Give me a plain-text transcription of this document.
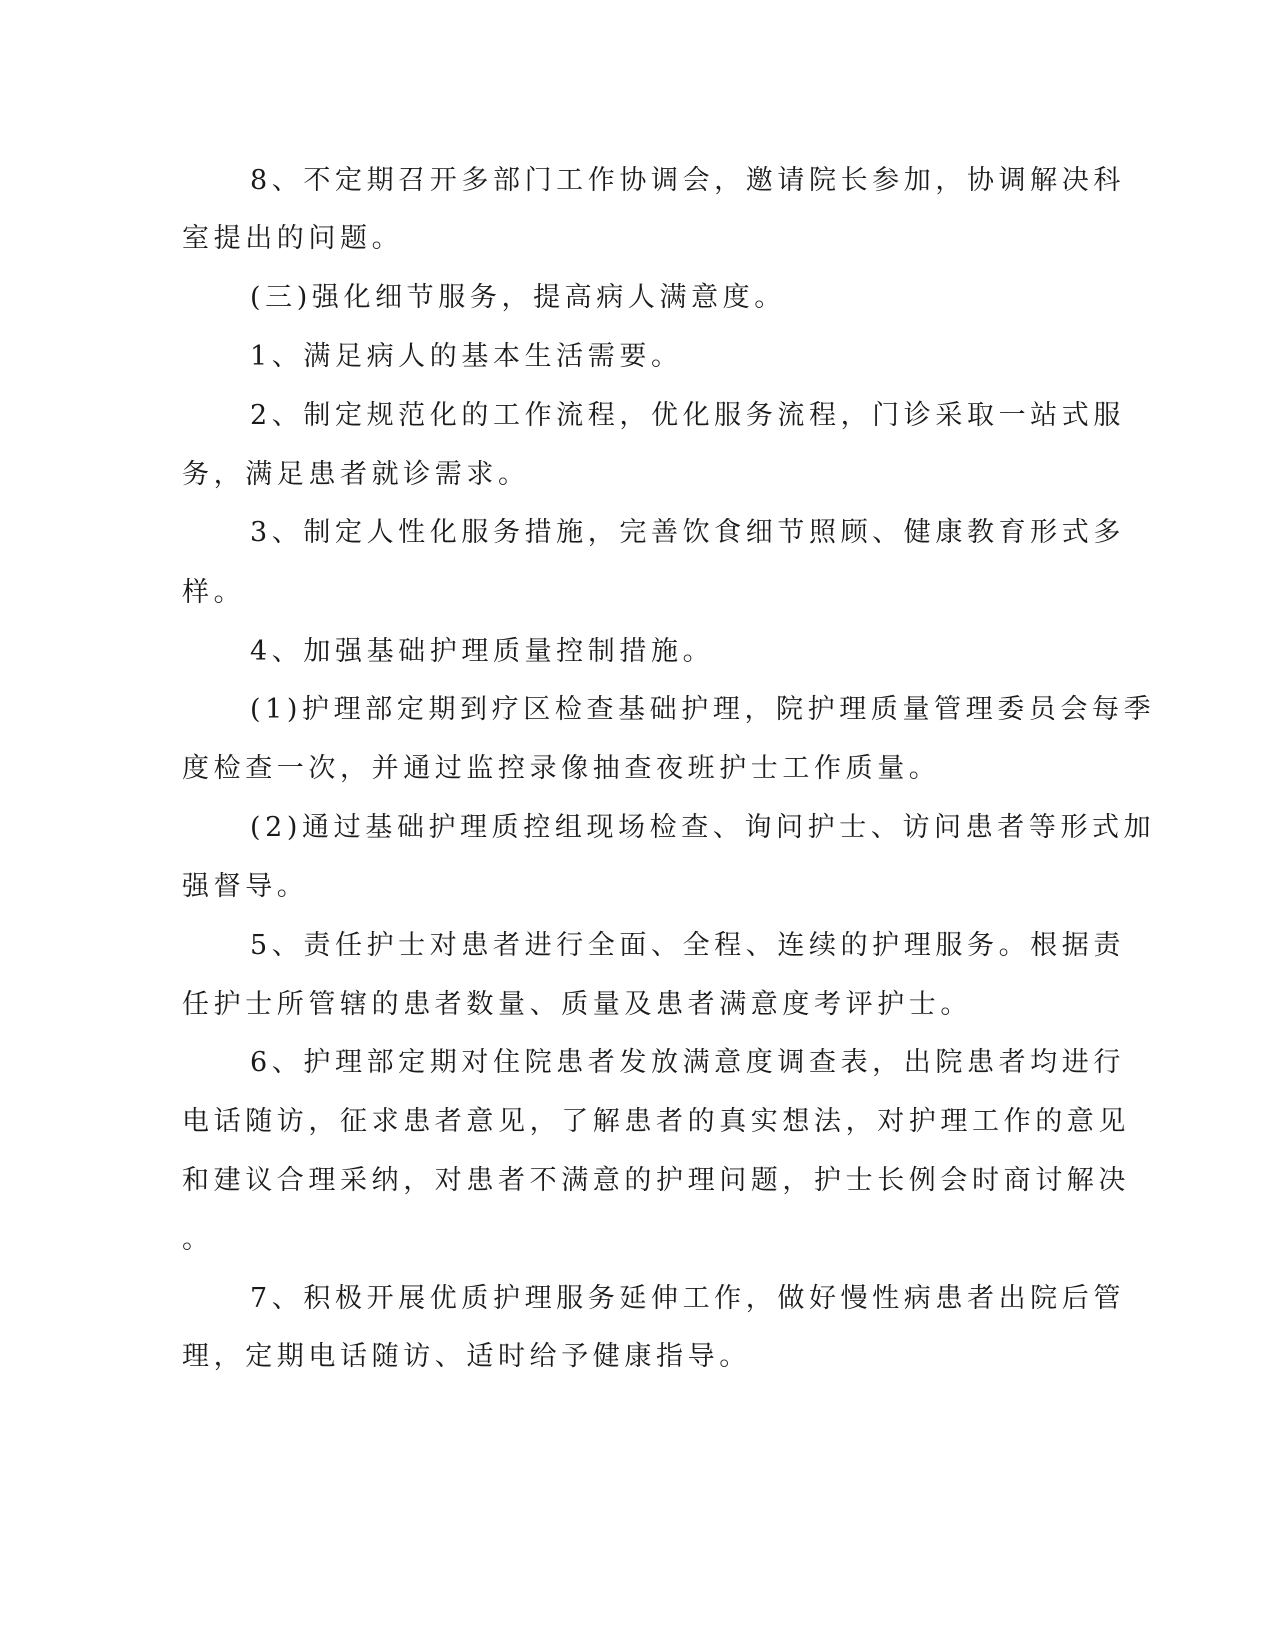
8、不定期召开多部门工作协调会，邀请院长参加，协调解决科
室提出的问题。
(三)强化细节服务，提高病人满意度。
1、满足病人的基本生活需要。
2、制定规范化的工作流程，优化服务流程，门诊采取一站式服
务，满足患者就诊需求。
3、制定人性化服务措施，完善饮食细节照顾、健康教育形式多
样。
4、加强基础护理质量控制措施。
(1)护理部定期到疗区检查基础护理，院护理质量管理委员会每季
度检查一次，并通过监控录像抽查夜班护士工作质量。
(2)通过基础护理质控组现场检查、询问护士、访问患者等形式加
强督导。
5、责任护士对患者进行全面、全程、连续的护理服务。根据责
任护士所管辖的患者数量、质量及患者满意度考评护士。
6、护理部定期对住院患者发放满意度调查表，出院患者均进行
电话随访，征求患者意见，了解患者的真实想法，对护理工作的意见
和建议合理采纳，对患者不满意的护理问题，护士长例会时商讨解决
。
7、积极开展优质护理服务延伸工作，做好慢性病患者出院后管
理，定期电话随访、适时给予健康指导。
